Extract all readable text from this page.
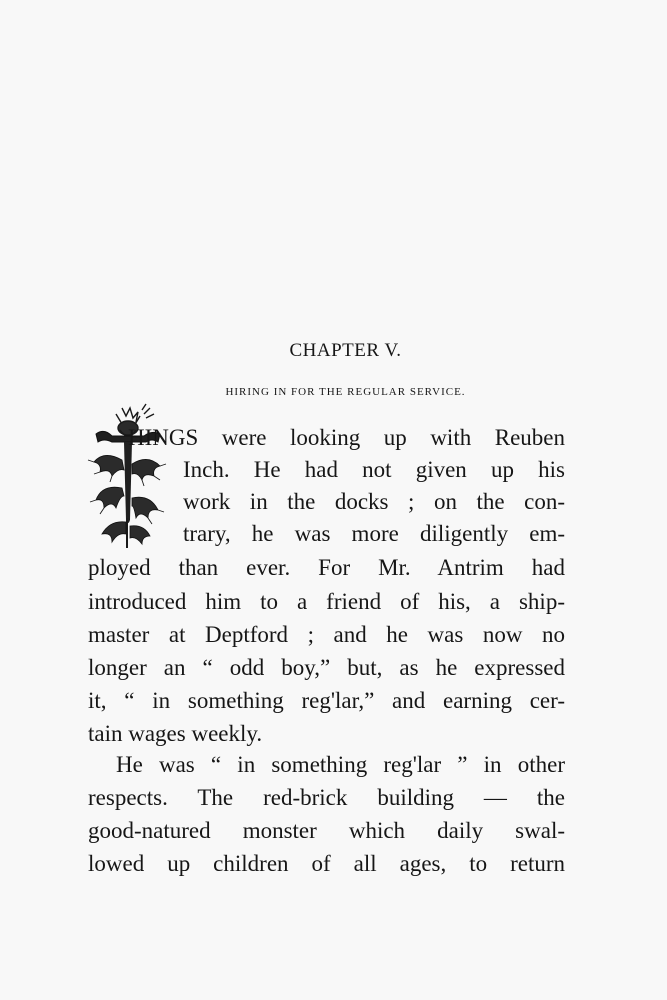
CHAPTER V.
HIRING IN FOR THE REGULAR SERVICE.
HINGS were looking up with Reuben
Inch. He had not given up his
work in the docks ; on the con-
trary, he was more diligently em-
ployed than ever. For Mr. Antrim had
introduced him to a friend of his, a ship-
master at Deptford ; and he was now no
longer an “ odd boy,” but, as he expressed
it, “ in something reg'lar,” and earning cer-
tain wages weekly.
He was “ in something reg'lar ” in other
respects. The red-brick building — the
good-natured monster which daily swal-
lowed up children of all ages, to return
